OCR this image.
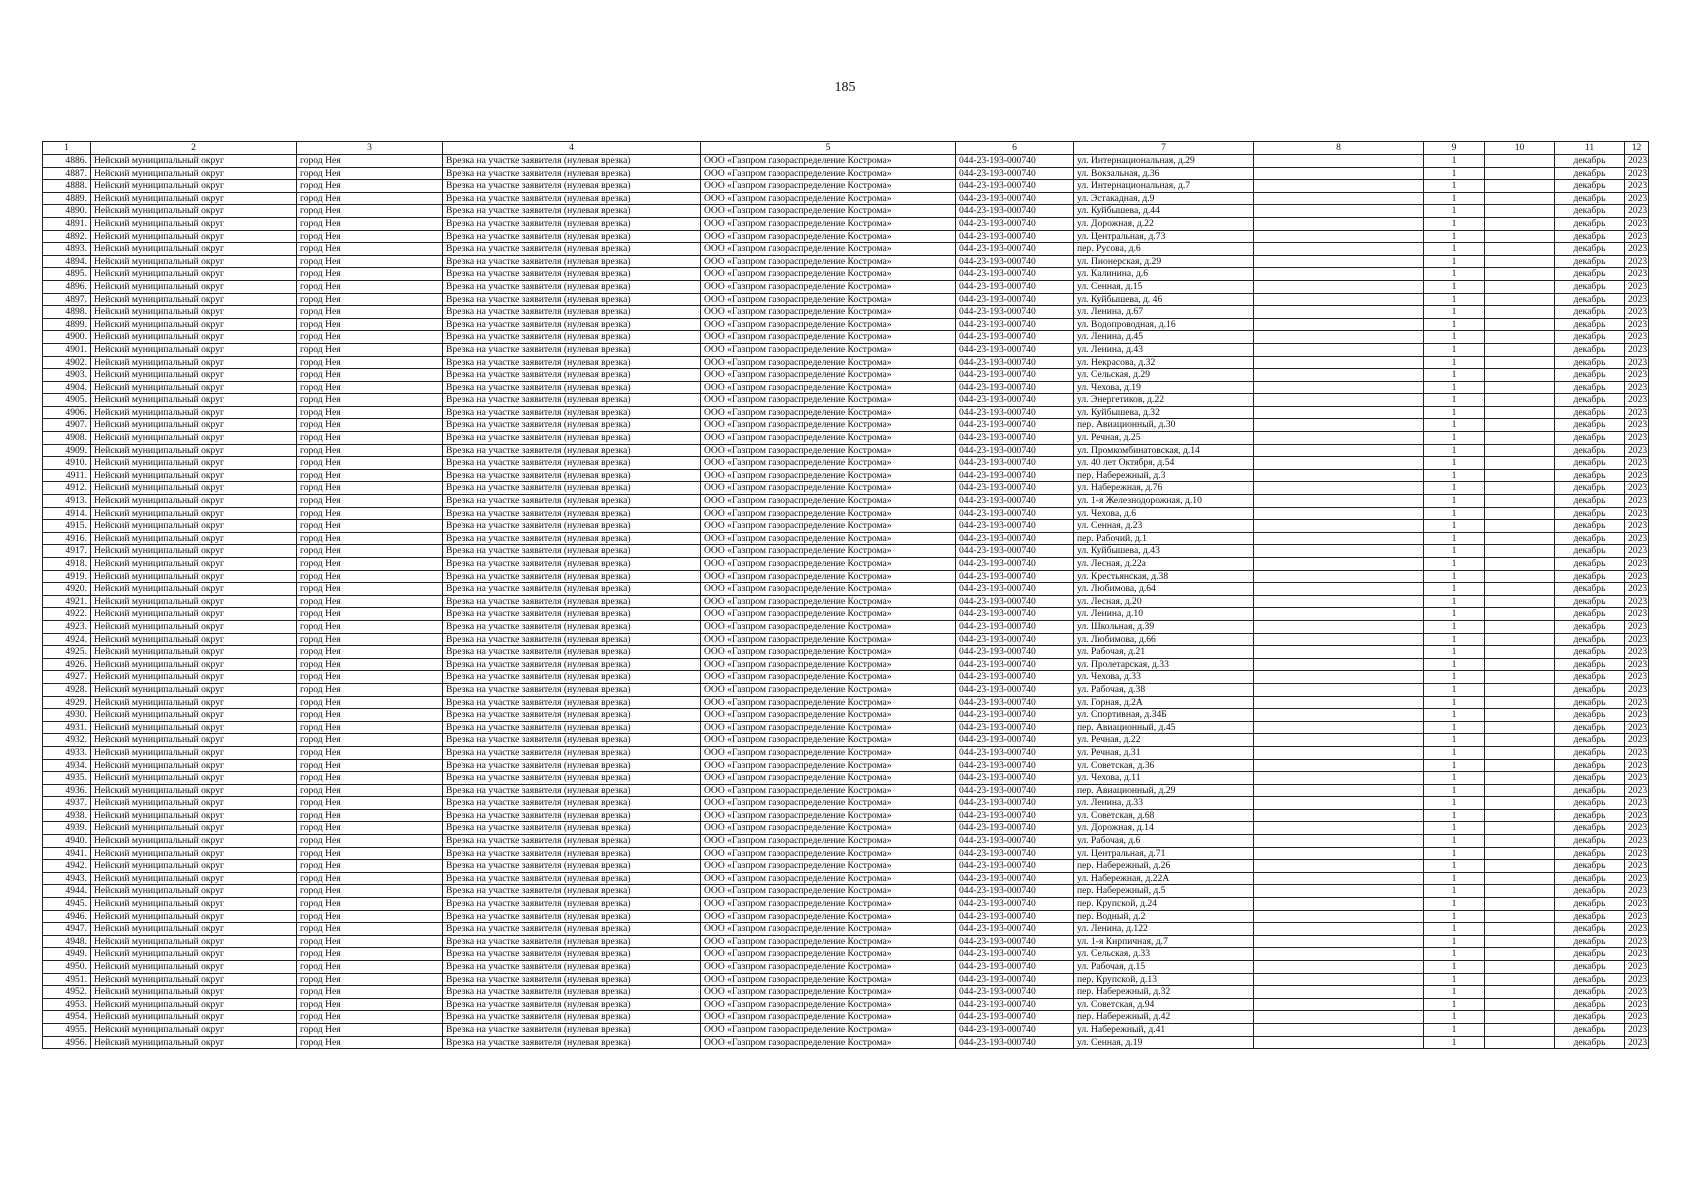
185
1	2	3	4	5	6	7	8	9	10	11	12
4886.	Нейский муниципальный округ	город Нея	Врезка на участке заявителя (нулевая врезка)	ООО «Газпром газораспределение Кострома»	044-23-193-000740	ул. Интернациональная, д.29		1		декабрь	2023
4887.	Нейский муниципальный округ	город Нея	Врезка на участке заявителя (нулевая врезка)	ООО «Газпром газораспределение Кострома»	044-23-193-000740	ул. Вокзальная, д.36		1		декабрь	2023
4888.	Нейский муниципальный округ	город Нея	Врезка на участке заявителя (нулевая врезка)	ООО «Газпром газораспределение Кострома»	044-23-193-000740	ул. Интернациональная, д.7		1		декабрь	2023
4889.	Нейский муниципальный округ	город Нея	Врезка на участке заявителя (нулевая врезка)	ООО «Газпром газораспределение Кострома»	044-23-193-000740	ул. Эстакадная, д.9		1		декабрь	2023
4890.	Нейский муниципальный округ	город Нея	Врезка на участке заявителя (нулевая врезка)	ООО «Газпром газораспределение Кострома»	044-23-193-000740	ул. Куйбышева, д.44		1		декабрь	2023
4891.	Нейский муниципальный округ	город Нея	Врезка на участке заявителя (нулевая врезка)	ООО «Газпром газораспределение Кострома»	044-23-193-000740	ул. Дорожная, д.22		1		декабрь	2023
4892.	Нейский муниципальный округ	город Нея	Врезка на участке заявителя (нулевая врезка)	ООО «Газпром газораспределение Кострома»	044-23-193-000740	ул. Центральная, д.73		1		декабрь	2023
4893.	Нейский муниципальный округ	город Нея	Врезка на участке заявителя (нулевая врезка)	ООО «Газпром газораспределение Кострома»	044-23-193-000740	пер. Русова, д.6		1		декабрь	2023
4894.	Нейский муниципальный округ	город Нея	Врезка на участке заявителя (нулевая врезка)	ООО «Газпром газораспределение Кострома»	044-23-193-000740	ул. Пионерская, д.29		1		декабрь	2023
4895.	Нейский муниципальный округ	город Нея	Врезка на участке заявителя (нулевая врезка)	ООО «Газпром газораспределение Кострома»	044-23-193-000740	ул. Калинина, д.6		1		декабрь	2023
4896.	Нейский муниципальный округ	город Нея	Врезка на участке заявителя (нулевая врезка)	ООО «Газпром газораспределение Кострома»	044-23-193-000740	ул. Сенная, д.15		1		декабрь	2023
4897.	Нейский муниципальный округ	город Нея	Врезка на участке заявителя (нулевая врезка)	ООО «Газпром газораспределение Кострома»	044-23-193-000740	ул. Куйбышева, д. 46		1		декабрь	2023
4898.	Нейский муниципальный округ	город Нея	Врезка на участке заявителя (нулевая врезка)	ООО «Газпром газораспределение Кострома»	044-23-193-000740	ул. Ленина, д.67		1		декабрь	2023
4899.	Нейский муниципальный округ	город Нея	Врезка на участке заявителя (нулевая врезка)	ООО «Газпром газораспределение Кострома»	044-23-193-000740	ул. Водопроводная, д.16		1		декабрь	2023
4900.	Нейский муниципальный округ	город Нея	Врезка на участке заявителя (нулевая врезка)	ООО «Газпром газораспределение Кострома»	044-23-193-000740	ул. Ленина, д.45		1		декабрь	2023
4901.	Нейский муниципальный округ	город Нея	Врезка на участке заявителя (нулевая врезка)	ООО «Газпром газораспределение Кострома»	044-23-193-000740	ул. Ленина, д.43		1		декабрь	2023
4902.	Нейский муниципальный округ	город Нея	Врезка на участке заявителя (нулевая врезка)	ООО «Газпром газораспределение Кострома»	044-23-193-000740	ул. Некрасова, д.32		1		декабрь	2023
4903.	Нейский муниципальный округ	город Нея	Врезка на участке заявителя (нулевая врезка)	ООО «Газпром газораспределение Кострома»	044-23-193-000740	ул. Сельская, д.29		1		декабрь	2023
4904.	Нейский муниципальный округ	город Нея	Врезка на участке заявителя (нулевая врезка)	ООО «Газпром газораспределение Кострома»	044-23-193-000740	ул. Чехова, д.19		1		декабрь	2023
4905.	Нейский муниципальный округ	город Нея	Врезка на участке заявителя (нулевая врезка)	ООО «Газпром газораспределение Кострома»	044-23-193-000740	ул. Энергетиков, д.22		1		декабрь	2023
4906.	Нейский муниципальный округ	город Нея	Врезка на участке заявителя (нулевая врезка)	ООО «Газпром газораспределение Кострома»	044-23-193-000740	ул. Куйбышева, д.32		1		декабрь	2023
4907.	Нейский муниципальный округ	город Нея	Врезка на участке заявителя (нулевая врезка)	ООО «Газпром газораспределение Кострома»	044-23-193-000740	пер. Авиационный, д.30		1		декабрь	2023
4908.	Нейский муниципальный округ	город Нея	Врезка на участке заявителя (нулевая врезка)	ООО «Газпром газораспределение Кострома»	044-23-193-000740	ул. Речная, д.25		1		декабрь	2023
4909.	Нейский муниципальный округ	город Нея	Врезка на участке заявителя (нулевая врезка)	ООО «Газпром газораспределение Кострома»	044-23-193-000740	ул. Промкомбинатовская, д.14		1		декабрь	2023
4910.	Нейский муниципальный округ	город Нея	Врезка на участке заявителя (нулевая врезка)	ООО «Газпром газораспределение Кострома»	044-23-193-000740	ул. 40 лет Октября, д.54		1		декабрь	2023
4911.	Нейский муниципальный округ	город Нея	Врезка на участке заявителя (нулевая врезка)	ООО «Газпром газораспределение Кострома»	044-23-193-000740	пер. Набережный, д.3		1		декабрь	2023
4912.	Нейский муниципальный округ	город Нея	Врезка на участке заявителя (нулевая врезка)	ООО «Газпром газораспределение Кострома»	044-23-193-000740	ул. Набережная, д.76		1		декабрь	2023
4913.	Нейский муниципальный округ	город Нея	Врезка на участке заявителя (нулевая врезка)	ООО «Газпром газораспределение Кострома»	044-23-193-000740	ул. 1-я Железнодорожная, д.10		1		декабрь	2023
4914.	Нейский муниципальный округ	город Нея	Врезка на участке заявителя (нулевая врезка)	ООО «Газпром газораспределение Кострома»	044-23-193-000740	ул. Чехова, д.6		1		декабрь	2023
4915.	Нейский муниципальный округ	город Нея	Врезка на участке заявителя (нулевая врезка)	ООО «Газпром газораспределение Кострома»	044-23-193-000740	ул. Сенная, д.23		1		декабрь	2023
4916.	Нейский муниципальный округ	город Нея	Врезка на участке заявителя (нулевая врезка)	ООО «Газпром газораспределение Кострома»	044-23-193-000740	пер. Рабочий, д.1		1		декабрь	2023
4917.	Нейский муниципальный округ	город Нея	Врезка на участке заявителя (нулевая врезка)	ООО «Газпром газораспределение Кострома»	044-23-193-000740	ул. Куйбышева, д.43		1		декабрь	2023
4918.	Нейский муниципальный округ	город Нея	Врезка на участке заявителя (нулевая врезка)	ООО «Газпром газораспределение Кострома»	044-23-193-000740	ул. Лесная, д.22а		1		декабрь	2023
4919.	Нейский муниципальный округ	город Нея	Врезка на участке заявителя (нулевая врезка)	ООО «Газпром газораспределение Кострома»	044-23-193-000740	ул. Крестьянская, д.38		1		декабрь	2023
4920.	Нейский муниципальный округ	город Нея	Врезка на участке заявителя (нулевая врезка)	ООО «Газпром газораспределение Кострома»	044-23-193-000740	ул. Любимова, д.64		1		декабрь	2023
4921.	Нейский муниципальный округ	город Нея	Врезка на участке заявителя (нулевая врезка)	ООО «Газпром газораспределение Кострома»	044-23-193-000740	ул. Лесная, д.20		1		декабрь	2023
4922.	Нейский муниципальный округ	город Нея	Врезка на участке заявителя (нулевая врезка)	ООО «Газпром газораспределение Кострома»	044-23-193-000740	ул. Ленина, д.10		1		декабрь	2023
4923.	Нейский муниципальный округ	город Нея	Врезка на участке заявителя (нулевая врезка)	ООО «Газпром газораспределение Кострома»	044-23-193-000740	ул. Школьная, д.39		1		декабрь	2023
4924.	Нейский муниципальный округ	город Нея	Врезка на участке заявителя (нулевая врезка)	ООО «Газпром газораспределение Кострома»	044-23-193-000740	ул. Любимова, д.66		1		декабрь	2023
4925.	Нейский муниципальный округ	город Нея	Врезка на участке заявителя (нулевая врезка)	ООО «Газпром газораспределение Кострома»	044-23-193-000740	ул. Рабочая, д.21		1		декабрь	2023
4926.	Нейский муниципальный округ	город Нея	Врезка на участке заявителя (нулевая врезка)	ООО «Газпром газораспределение Кострома»	044-23-193-000740	ул. Пролетарская, д.33		1		декабрь	2023
4927.	Нейский муниципальный округ	город Нея	Врезка на участке заявителя (нулевая врезка)	ООО «Газпром газораспределение Кострома»	044-23-193-000740	ул. Чехова, д.33		1		декабрь	2023
4928.	Нейский муниципальный округ	город Нея	Врезка на участке заявителя (нулевая врезка)	ООО «Газпром газораспределение Кострома»	044-23-193-000740	ул. Рабочая, д.38		1		декабрь	2023
4929.	Нейский муниципальный округ	город Нея	Врезка на участке заявителя (нулевая врезка)	ООО «Газпром газораспределение Кострома»	044-23-193-000740	ул. Горная, д.2А		1		декабрь	2023
4930.	Нейский муниципальный округ	город Нея	Врезка на участке заявителя (нулевая врезка)	ООО «Газпром газораспределение Кострома»	044-23-193-000740	ул. Спортивная, д.34Б		1		декабрь	2023
4931.	Нейский муниципальный округ	город Нея	Врезка на участке заявителя (нулевая врезка)	ООО «Газпром газораспределение Кострома»	044-23-193-000740	пер. Авиационный, д.45		1		декабрь	2023
4932.	Нейский муниципальный округ	город Нея	Врезка на участке заявителя (нулевая врезка)	ООО «Газпром газораспределение Кострома»	044-23-193-000740	ул. Речная, д.22		1		декабрь	2023
4933.	Нейский муниципальный округ	город Нея	Врезка на участке заявителя (нулевая врезка)	ООО «Газпром газораспределение Кострома»	044-23-193-000740	ул. Речная, д.31		1		декабрь	2023
4934.	Нейский муниципальный округ	город Нея	Врезка на участке заявителя (нулевая врезка)	ООО «Газпром газораспределение Кострома»	044-23-193-000740	ул. Советская, д.36		1		декабрь	2023
4935.	Нейский муниципальный округ	город Нея	Врезка на участке заявителя (нулевая врезка)	ООО «Газпром газораспределение Кострома»	044-23-193-000740	ул. Чехова, д.11		1		декабрь	2023
4936.	Нейский муниципальный округ	город Нея	Врезка на участке заявителя (нулевая врезка)	ООО «Газпром газораспределение Кострома»	044-23-193-000740	пер. Авиационный, д.29		1		декабрь	2023
4937.	Нейский муниципальный округ	город Нея	Врезка на участке заявителя (нулевая врезка)	ООО «Газпром газораспределение Кострома»	044-23-193-000740	ул. Ленина, д.33		1		декабрь	2023
4938.	Нейский муниципальный округ	город Нея	Врезка на участке заявителя (нулевая врезка)	ООО «Газпром газораспределение Кострома»	044-23-193-000740	ул. Советская, д.68		1		декабрь	2023
4939.	Нейский муниципальный округ	город Нея	Врезка на участке заявителя (нулевая врезка)	ООО «Газпром газораспределение Кострома»	044-23-193-000740	ул. Дорожная, д.14		1		декабрь	2023
4940.	Нейский муниципальный округ	город Нея	Врезка на участке заявителя (нулевая врезка)	ООО «Газпром газораспределение Кострома»	044-23-193-000740	ул. Рабочая, д.6		1		декабрь	2023
4941.	Нейский муниципальный округ	город Нея	Врезка на участке заявителя (нулевая врезка)	ООО «Газпром газораспределение Кострома»	044-23-193-000740	ул. Центральная, д.71		1		декабрь	2023
4942.	Нейский муниципальный округ	город Нея	Врезка на участке заявителя (нулевая врезка)	ООО «Газпром газораспределение Кострома»	044-23-193-000740	пер. Набережный, д.26		1		декабрь	2023
4943.	Нейский муниципальный округ	город Нея	Врезка на участке заявителя (нулевая врезка)	ООО «Газпром газораспределение Кострома»	044-23-193-000740	ул. Набережная, д.22А		1		декабрь	2023
4944.	Нейский муниципальный округ	город Нея	Врезка на участке заявителя (нулевая врезка)	ООО «Газпром газораспределение Кострома»	044-23-193-000740	пер. Набережный, д.5		1		декабрь	2023
4945.	Нейский муниципальный округ	город Нея	Врезка на участке заявителя (нулевая врезка)	ООО «Газпром газораспределение Кострома»	044-23-193-000740	пер. Крупской, д.24		1		декабрь	2023
4946.	Нейский муниципальный округ	город Нея	Врезка на участке заявителя (нулевая врезка)	ООО «Газпром газораспределение Кострома»	044-23-193-000740	пер. Водный, д.2		1		декабрь	2023
4947.	Нейский муниципальный округ	город Нея	Врезка на участке заявителя (нулевая врезка)	ООО «Газпром газораспределение Кострома»	044-23-193-000740	ул. Ленина, д.122		1		декабрь	2023
4948.	Нейский муниципальный округ	город Нея	Врезка на участке заявителя (нулевая врезка)	ООО «Газпром газораспределение Кострома»	044-23-193-000740	ул. 1-я Кирпичная, д.7		1		декабрь	2023
4949.	Нейский муниципальный округ	город Нея	Врезка на участке заявителя (нулевая врезка)	ООО «Газпром газораспределение Кострома»	044-23-193-000740	ул. Сельская, д.33		1		декабрь	2023
4950.	Нейский муниципальный округ	город Нея	Врезка на участке заявителя (нулевая врезка)	ООО «Газпром газораспределение Кострома»	044-23-193-000740	ул. Рабочая, д.15		1		декабрь	2023
4951.	Нейский муниципальный округ	город Нея	Врезка на участке заявителя (нулевая врезка)	ООО «Газпром газораспределение Кострома»	044-23-193-000740	пер. Крупской, д.13		1		декабрь	2023
4952.	Нейский муниципальный округ	город Нея	Врезка на участке заявителя (нулевая врезка)	ООО «Газпром газораспределение Кострома»	044-23-193-000740	пер. Набережный, д.32		1		декабрь	2023
4953.	Нейский муниципальный округ	город Нея	Врезка на участке заявителя (нулевая врезка)	ООО «Газпром газораспределение Кострома»	044-23-193-000740	ул. Советская, д.94		1		декабрь	2023
4954.	Нейский муниципальный округ	город Нея	Врезка на участке заявителя (нулевая врезка)	ООО «Газпром газораспределение Кострома»	044-23-193-000740	пер. Набережный, д.42		1		декабрь	2023
4955.	Нейский муниципальный округ	город Нея	Врезка на участке заявителя (нулевая врезка)	ООО «Газпром газораспределение Кострома»	044-23-193-000740	ул. Набережный, д.41		1		декабрь	2023
4956.	Нейский муниципальный округ	город Нея	Врезка на участке заявителя (нулевая врезка)	ООО «Газпром газораспределение Кострома»	044-23-193-000740	ул. Сенная, д.19		1		декабрь	2023
